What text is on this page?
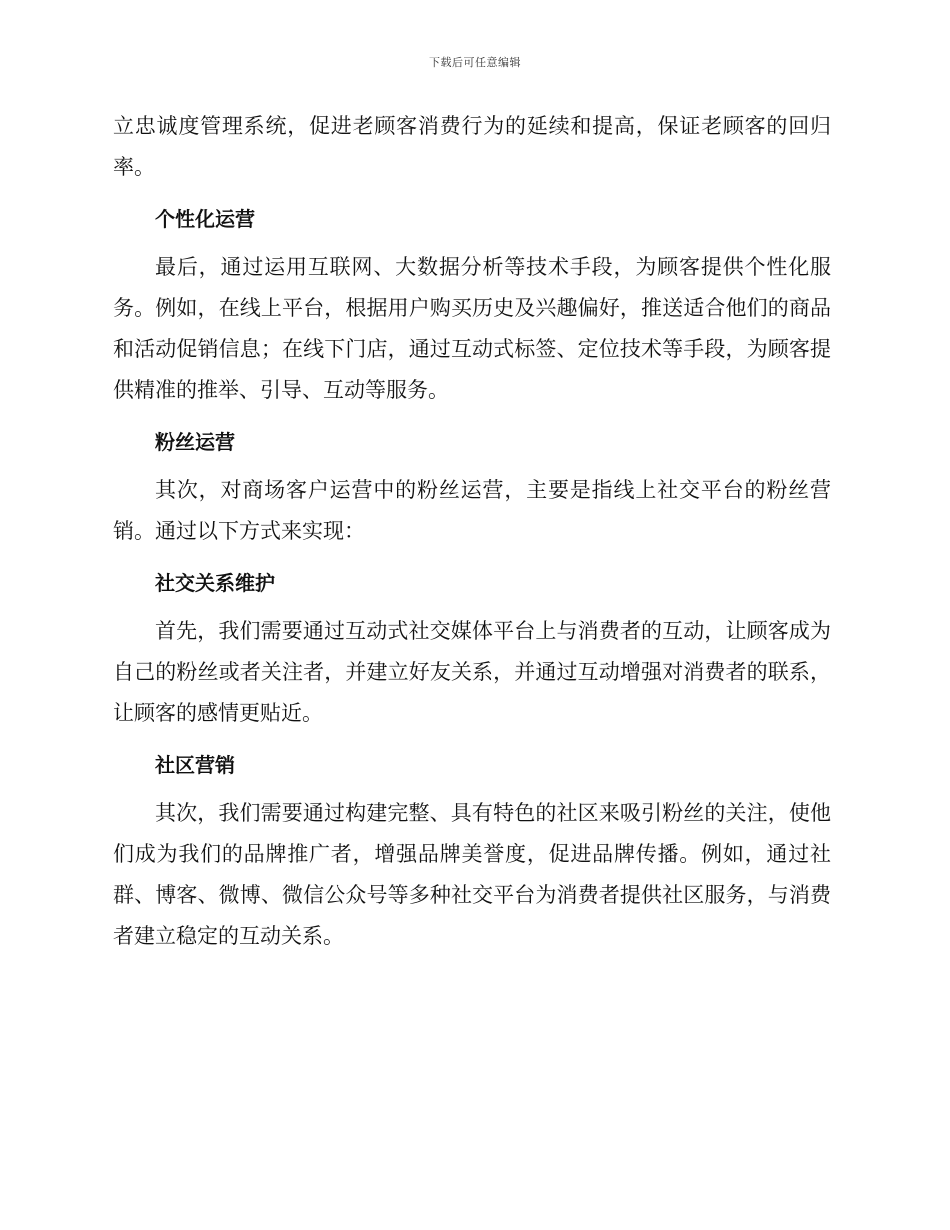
下载后可任意编辑

立忠诚度管理系统，促进老顾客消费行为的延续和提高，保证老顾客的回归率。

个性化运营

最后，通过运用互联网、大数据分析等技术手段，为顾客提供个性化服务。例如，在线上平台，根据用户购买历史及兴趣偏好，推送适合他们的商品和活动促销信息；在线下门店，通过互动式标签、定位技术等手段，为顾客提供精准的推举、引导、互动等服务。

粉丝运营

其次，对商场客户运营中的粉丝运营，主要是指线上社交平台的粉丝营销。通过以下方式来实现：

社交关系维护

首先，我们需要通过互动式社交媒体平台上与消费者的互动，让顾客成为自己的粉丝或者关注者，并建立好友关系，并通过互动增强对消费者的联系，让顾客的感情更贴近。

社区营销

其次，我们需要通过构建完整、具有特色的社区来吸引粉丝的关注，使他们成为我们的品牌推广者，增强品牌美誉度，促进品牌传播。例如，通过社群、博客、微博、微信公众号等多种社交平台为消费者提供社区服务，与消费者建立稳定的互动关系。
